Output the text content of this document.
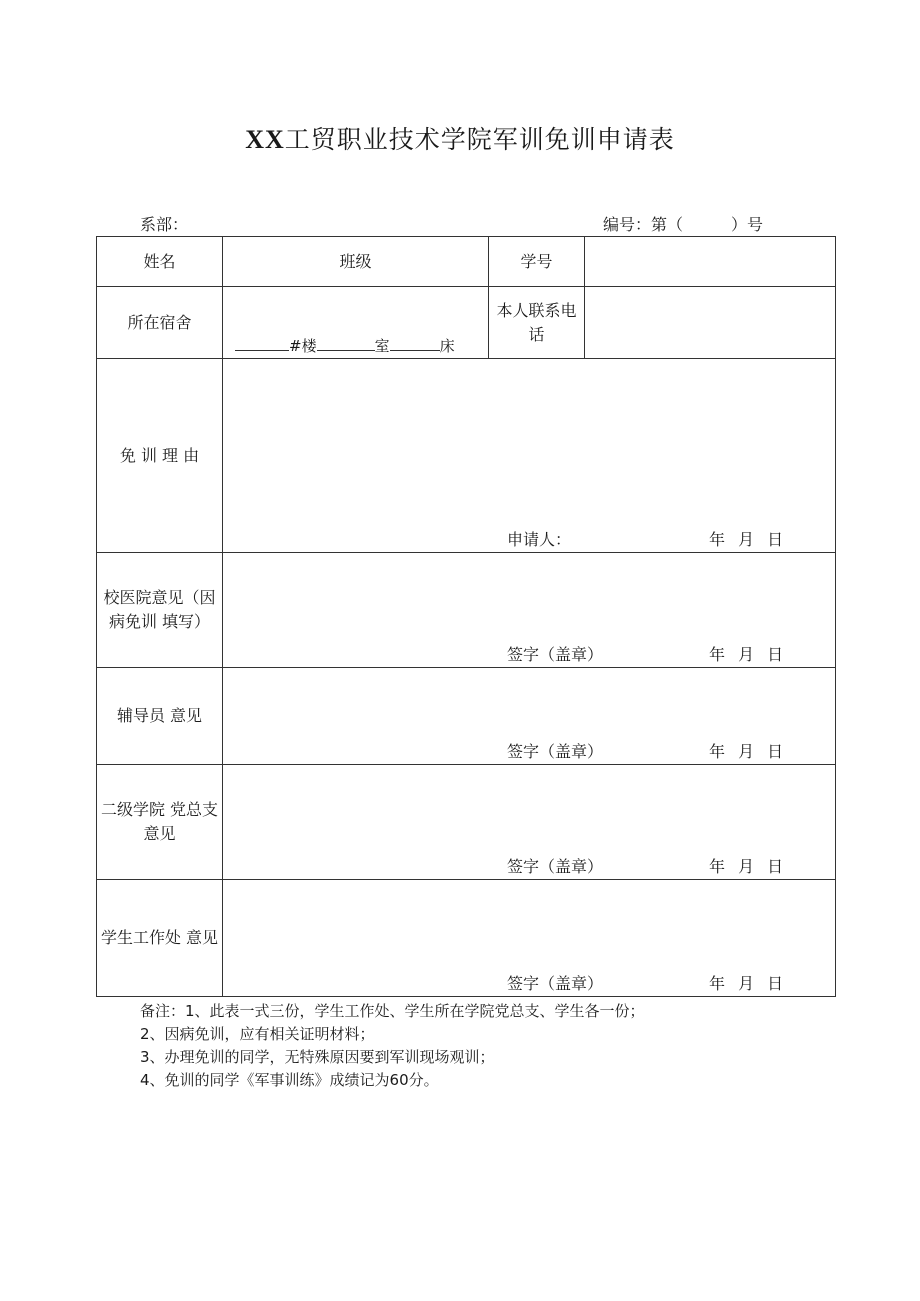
XX工贸职业技术学院军训免训申请表
系部：	编号：第（　　　）号
姓名	班级	学号	
所在宿舍	#楼 室 床	本人联系电话	
免 训 理 由	申请人： 年 月 日		

校医院意见（因病免训 填写）	签字（盖章） 年 月 日		

辅导员 意见	签字（盖章） 年 月 日		

二级学院 党总支 意见	签字（盖章） 年 月 日		

学生工作处 意见	签字（盖章） 年 月 日		
备注：1、此表一式三份，学生工作处、学生所在学院党总支、学生各一份；
2、因病免训，应有相关证明材料；
3、办理免训的同学，无特殊原因要到军训现场观训；
4、免训的同学《军事训练》成绩记为60分。
